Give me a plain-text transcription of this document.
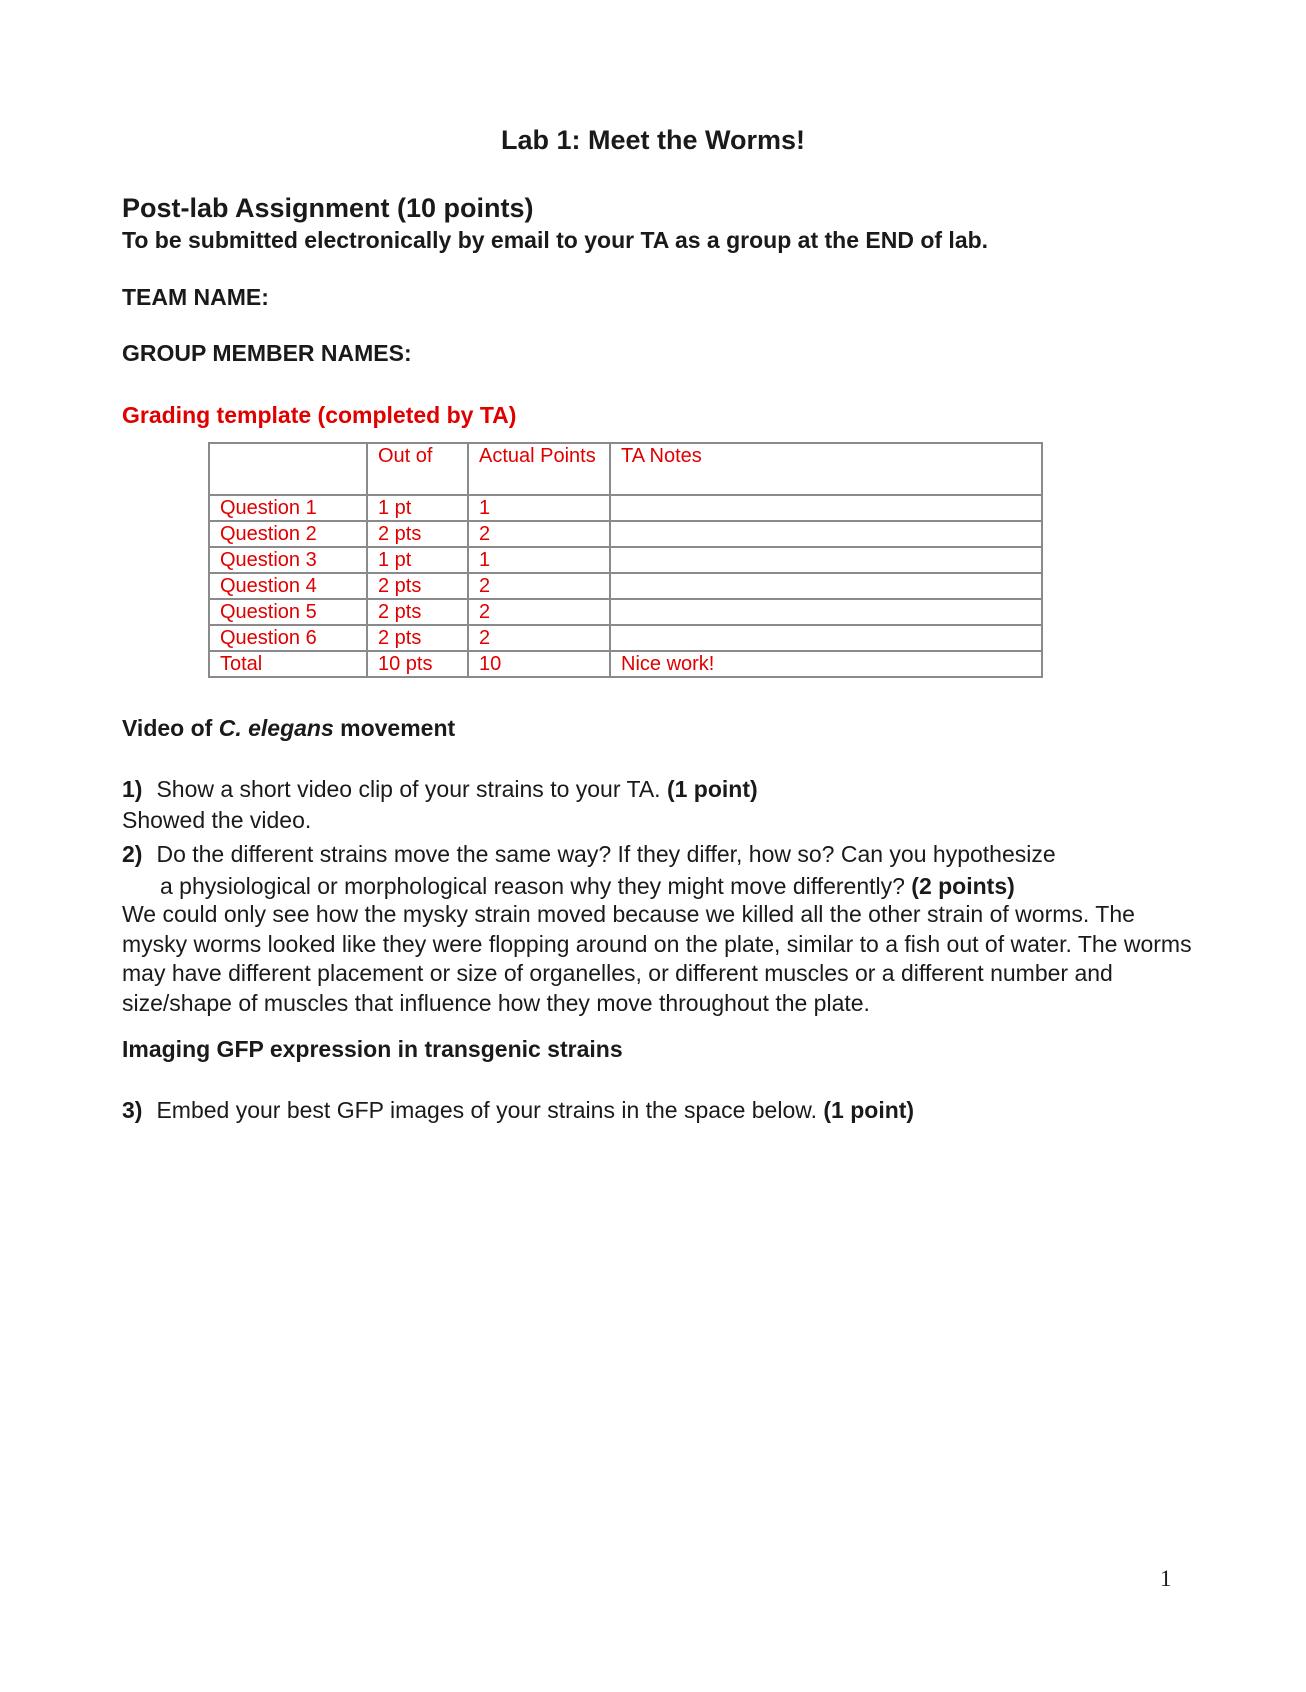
Lab 1: Meet the Worms!
Post-lab Assignment (10 points)
To be submitted electronically by email to your TA as a group at the END of lab.
TEAM NAME:
GROUP MEMBER NAMES:
Grading template (completed by TA)
	Out of	Actual Points	TA Notes
Question 1	1 pt	1	
Question 2	2 pts	2	
Question 3	1 pt	1	
Question 4	2 pts	2	
Question 5	2 pts	2	
Question 6	2 pts	2	
Total	10 pts	10	Nice work!
Video of C. elegans movement
1) Show a short video clip of your strains to your TA. (1 point)
Showed the video.
2) Do the different strains move the same way? If they differ, how so? Can you hypothesize
a physiological or morphological reason why they might move differently? (2 points)
We could only see how the mysky strain moved because we killed all the other strain of worms. The mysky worms looked like they were flopping around on the plate, similar to a fish out of water. The worms may have different placement or size of organelles, or different muscles or a different number and size/shape of muscles that influence how they move throughout the plate.
Imaging GFP expression in transgenic strains
3) Embed your best GFP images of your strains in the space below. (1 point)
1
